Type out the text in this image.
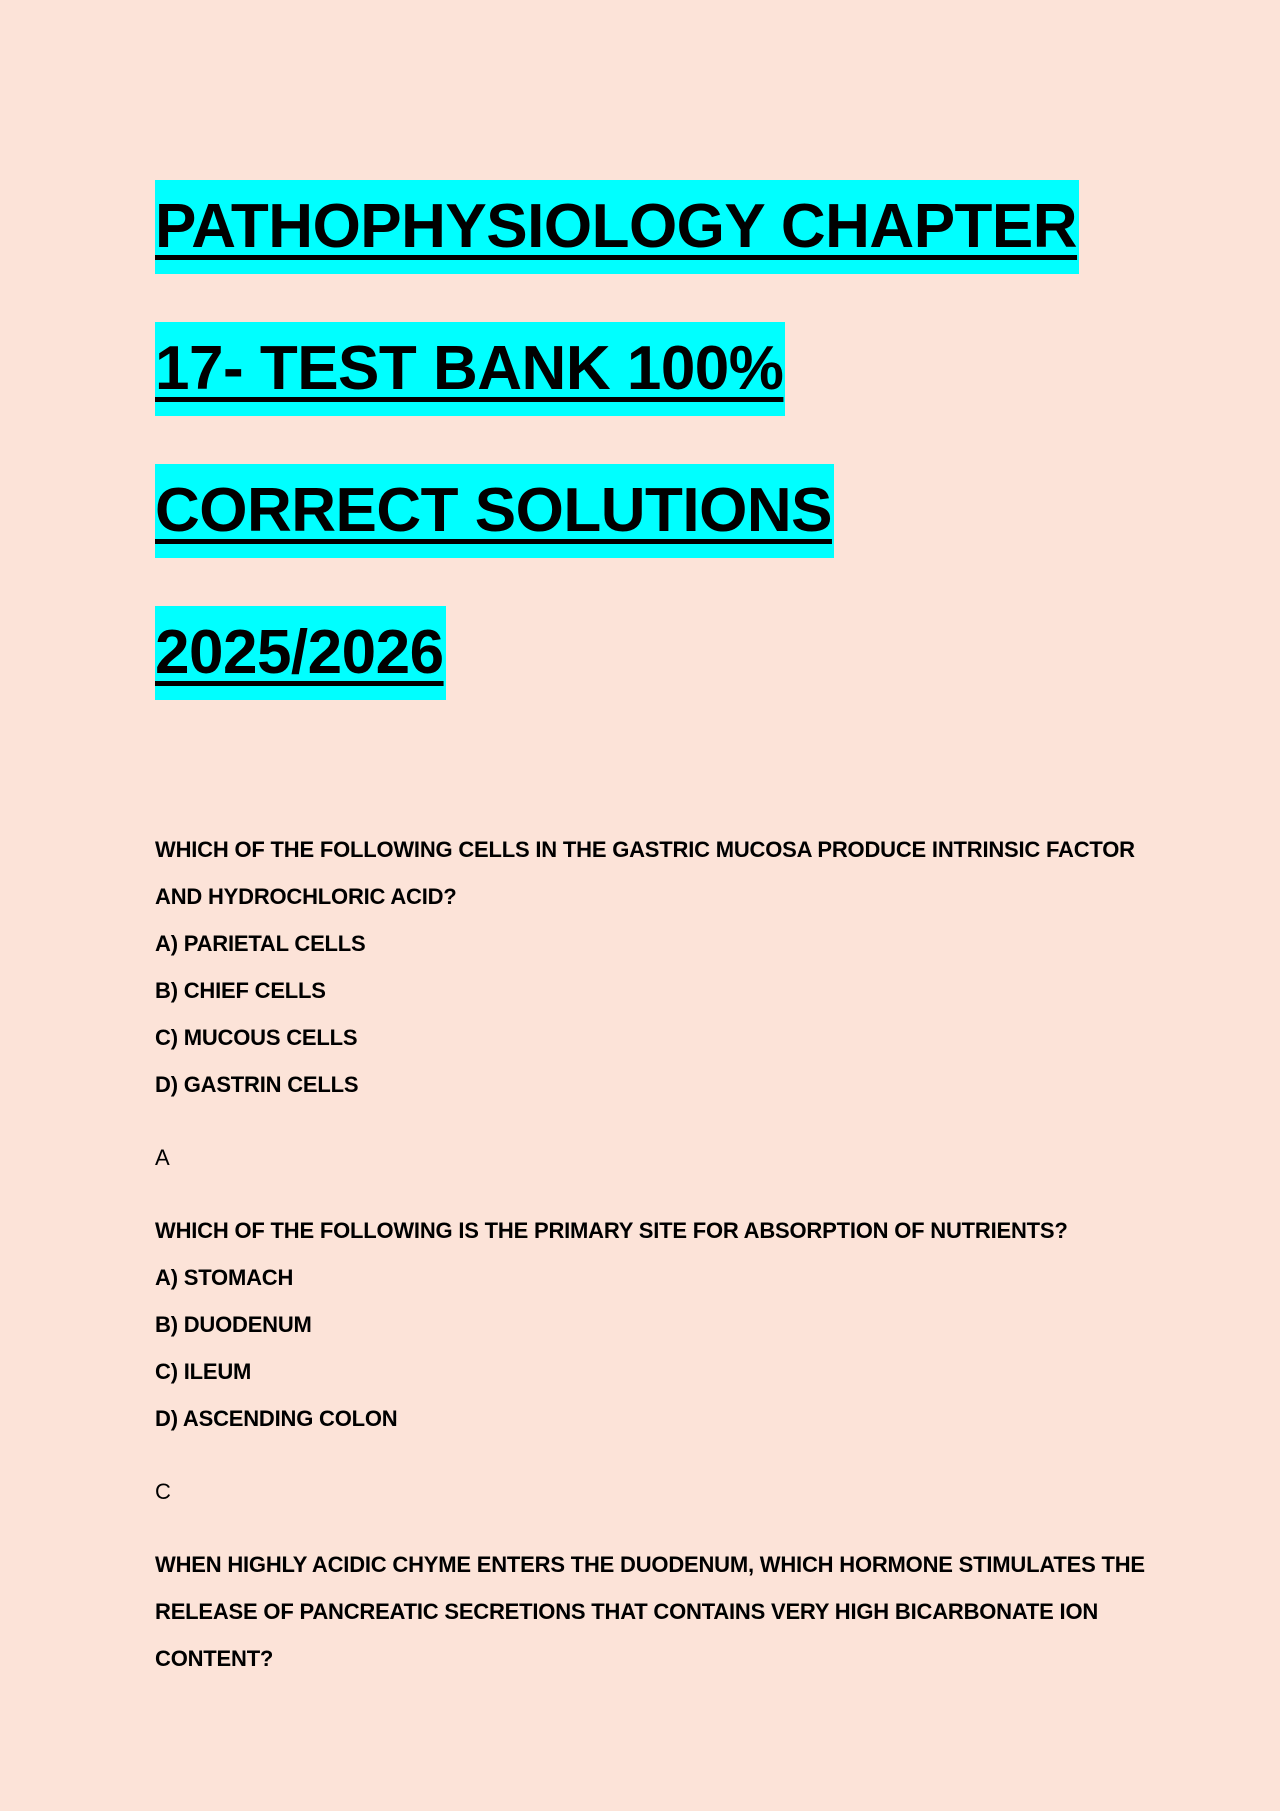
PATHOPHYSIOLOGY CHAPTER
17- TEST BANK 100%
CORRECT SOLUTIONS
2025/2026

WHICH OF THE FOLLOWING CELLS IN THE GASTRIC MUCOSA PRODUCE INTRINSIC FACTOR AND HYDROCHLORIC ACID?

A) PARIETAL CELLS
B) CHIEF CELLS
C) MUCOUS CELLS
D) GASTRIN CELLS
A

WHICH OF THE FOLLOWING IS THE PRIMARY SITE FOR ABSORPTION OF NUTRIENTS?

A) STOMACH
B) DUODENUM
C) ILEUM
D) ASCENDING COLON
C

WHEN HIGHLY ACIDIC CHYME ENTERS THE DUODENUM, WHICH HORMONE STIMULATES THE RELEASE OF PANCREATIC SECRETIONS THAT CONTAINS VERY HIGH BICARBONATE ION CONTENT?
